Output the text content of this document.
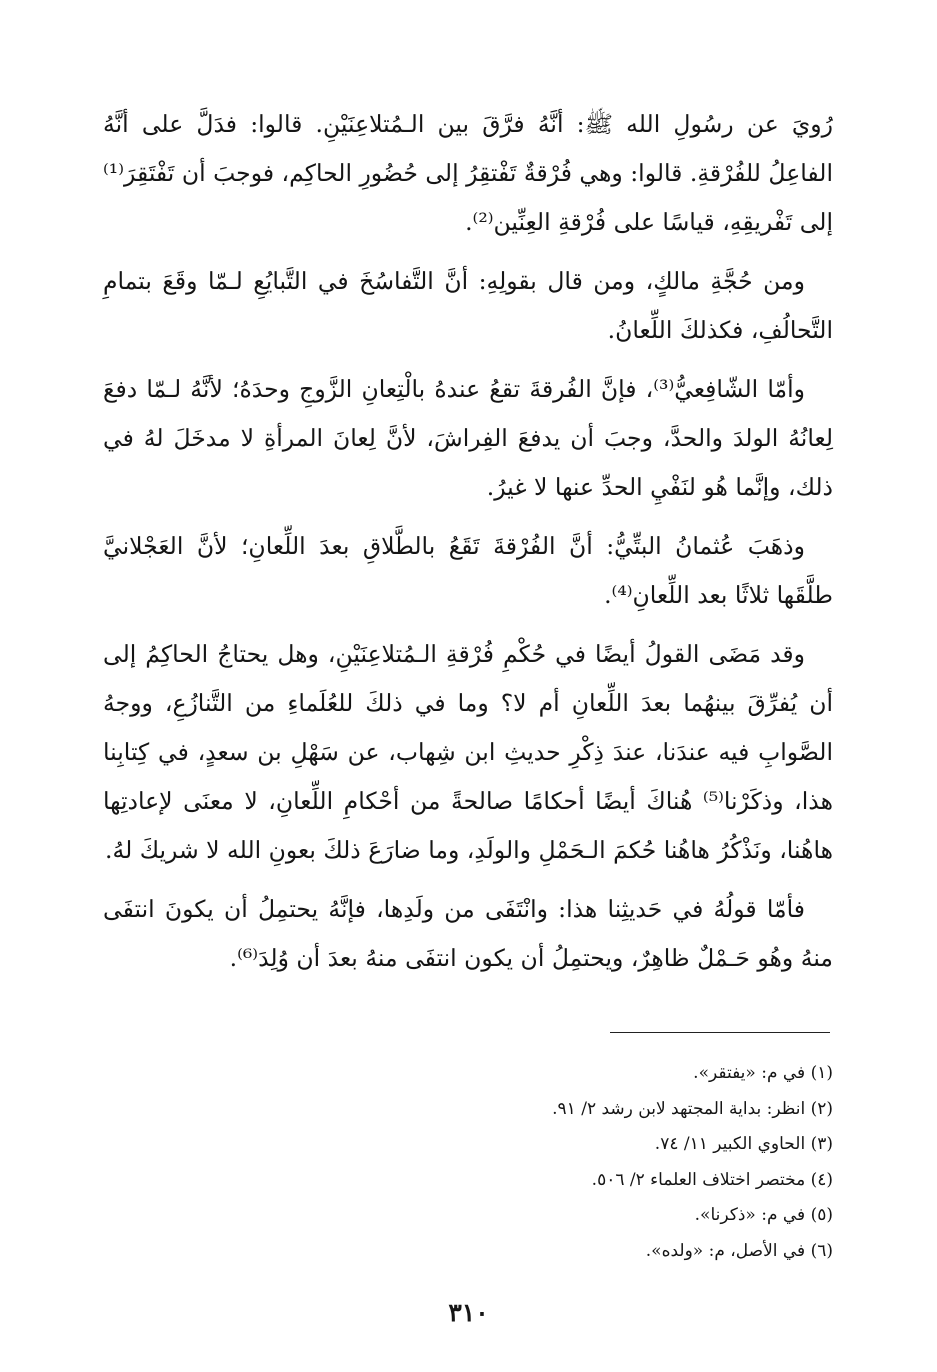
رُويَ عن رسُولِ الله ﷺ: أنَّهُ فرَّقَ بين الـمُتلاعِنَيْنِ. قالوا: فدَلَّ على أنَّهُ الفاعِلُ للفُرْقةِ. قالوا: وهي فُرْقةٌ تَفْتقِرُ إلى حُضُورِ الحاكِم، فوجبَ أن تَفْتَقِرَ⁽¹⁾ إلى تَفْريقِهِ، قياسًا على فُرْقةِ العِنِّين⁽²⁾.

ومن حُجَّةِ مالكٍ، ومن قال بقولِهِ: أنَّ التَّفاسُخَ في التَّبايُعِ لـمّا وقَعَ بتمامِ التَّحالُفِ، فكذلكَ اللِّعانُ.

وأمّا الشّافِعيُّ⁽³⁾، فإنَّ الفُرقةَ تقعُ عندهُ بالْتِعانِ الزَّوجِ وحدَهُ؛ لأنَّهُ لـمّا دفعَ لِعانُهُ الولدَ والحدَّ، وجبَ أن يدفعَ الفِراشَ، لأنَّ لِعانَ المرأةِ لا مدخَلَ لهُ في ذلك، وإنَّما هُو لنَفْيِ الحدِّ عنها لا غيرُ.

وذهَبَ عُثمانُ البتِّيُّ: أنَّ الفُرْقةَ تَقَعُ بالطَّلاقِ بعدَ اللِّعانِ؛ لأنَّ العَجْلانيَّ طلَّقَها ثلاثًا بعد اللِّعانِ⁽⁴⁾.

وقد مَضَى القولُ أيضًا في حُكْمِ فُرْقةِ الـمُتلاعِنَيْنِ، وهل يحتاجُ الحاكِمُ إلى أن يُفرِّقَ بينهُما بعدَ اللِّعانِ أم لا؟ وما في ذلكَ للعُلَماءِ من التَّنازُعِ، ووجهُ الصَّوابِ فيه عندَنا، عندَ ذِكْرِ حديثِ ابن شِهاب، عن سَهْلِ بن سعدٍ، في كِتابِنا هذا، وذكَرْنا⁽⁵⁾ هُناكَ أيضًا أحكامًا صالحةً من أحْكامِ اللِّعانِ، لا معنَى لإعادتِها هاهُنا، ونَذْكُرُ هاهُنا حُكمَ الـحَمْلِ والولَدِ، وما ضارَعَ ذلكَ بعونِ الله لا شريكَ لهُ.

فأمّا قولُهُ في حَديثِنا هذا: وانْتَفَى من ولَدِها، فإنَّهُ يحتمِلُ أن يكونَ انتفَى منهُ وهُو حَـمْلٌ ظاهِرٌ، ويحتمِلُ أن يكون انتفَى منهُ بعدَ أن وُلِدَ⁽⁶⁾.

(١) في م: «يفتقر».

(٢) انظر: بداية المجتهد لابن رشد ٢/ ٩١.

(٣) الحاوي الكبير ١١/ ٧٤.

(٤) مختصر اختلاف العلماء ٢/ ٥٠٦.

(٥) في م: «ذكرنا».

(٦) في الأصل، م: «ولده».

٣١٠
